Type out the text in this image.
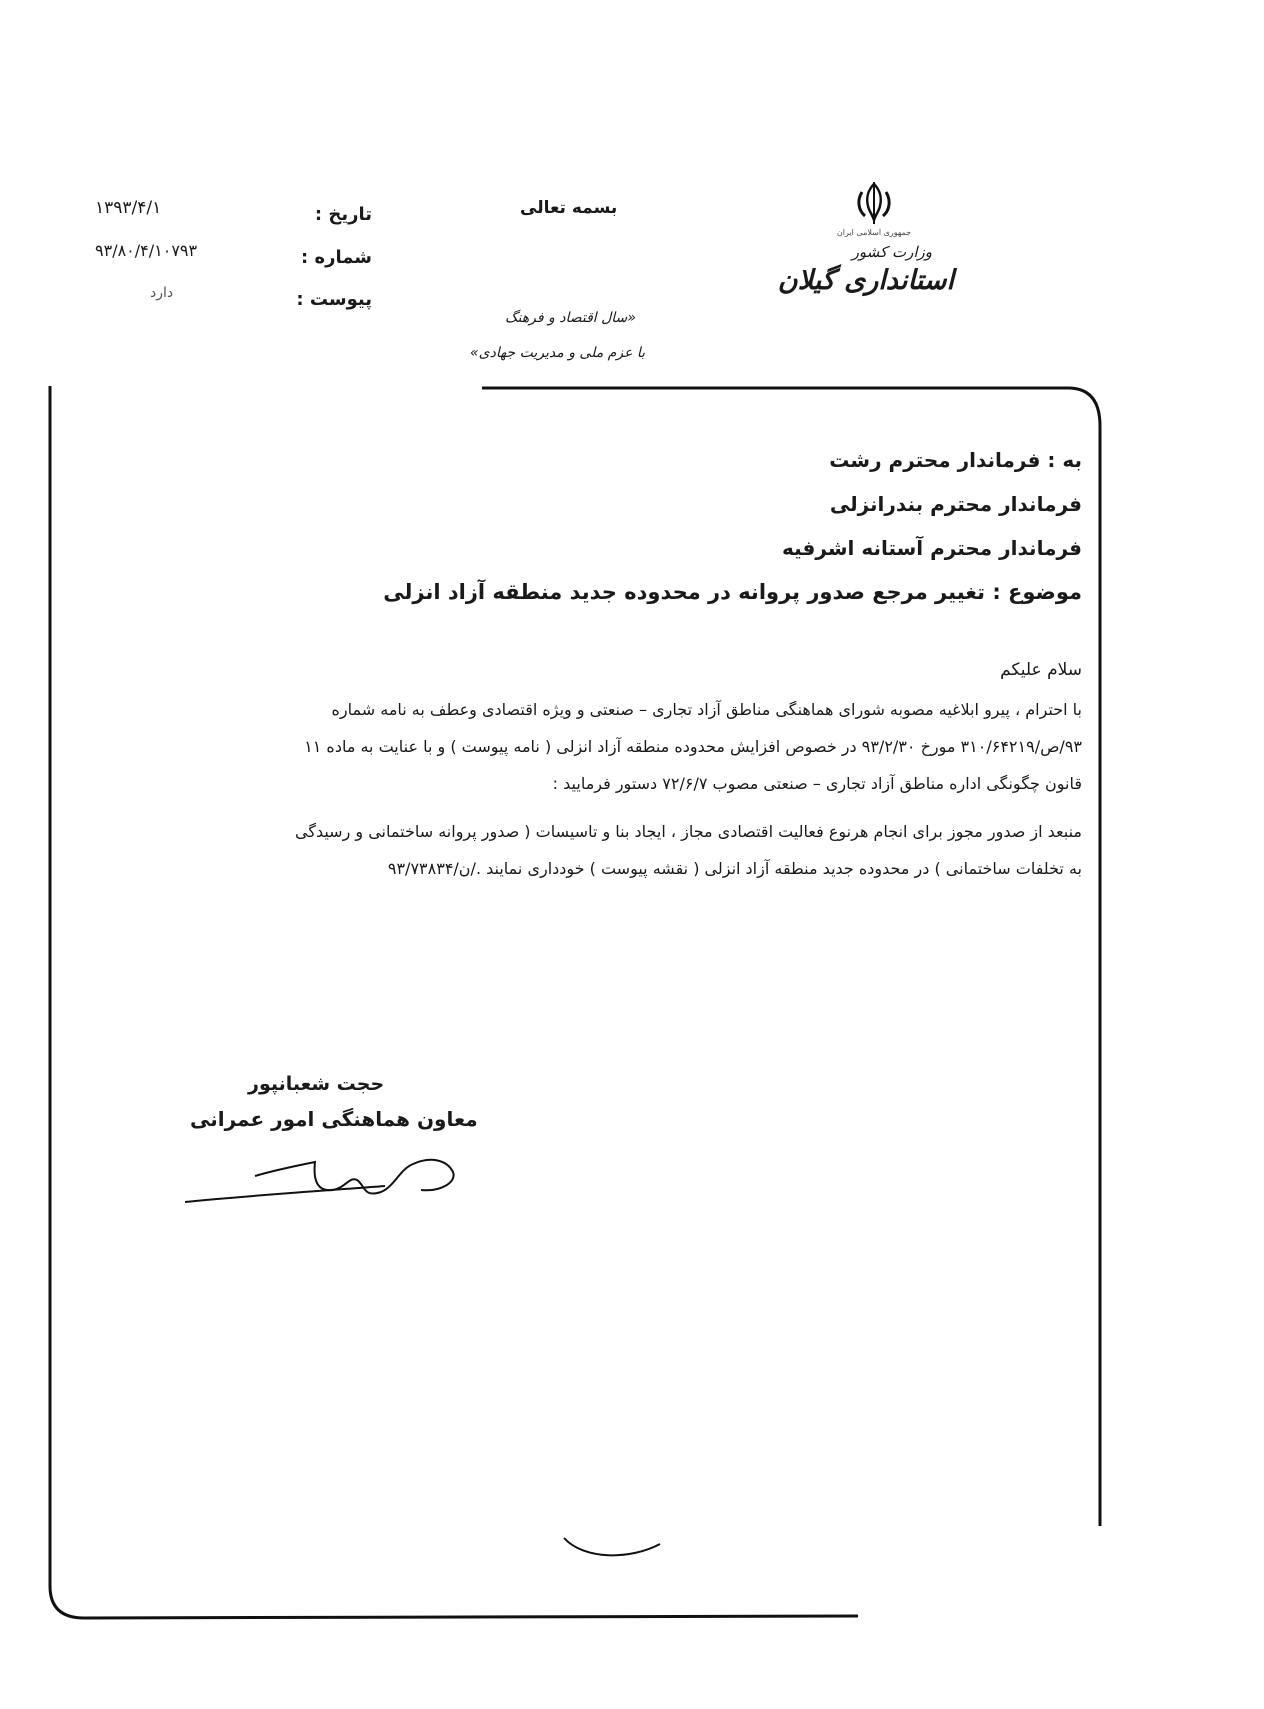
جمهوری اسلامی ایران
وزارت کشور
استانداری گیلان
بسمه تعالی
«سال اقتصاد و فرهنگ
با عزم ملی و مدیریت جهادی»
تاریخ :
۱۳۹۳/۴/۱
شماره :
۹۳/۸۰/۴/۱۰۷۹۳
پیوست :
دارد
به : فرماندار محترم رشت
فرماندار محترم بندرانزلی
فرماندار محترم آستانه اشرفیه
موضوع : تغییر مرجع صدور پروانه در محدوده جدید منطقه آزاد انزلی
سلام علیکم
با احترام ، پیرو ابلاغیه مصوبه شورای هماهنگی مناطق آزاد تجاری – صنعتی و ویژه اقتصادی وعطف به نامه شماره
۹۳/ص/۳۱۰/۶۴۲۱۹ مورخ ۹۳/۲/۳۰ در خصوص افزایش محدوده منطقه آزاد انزلی ( نامه پیوست ) و با عنایت به ماده ۱۱
قانون چگونگی اداره مناطق آزاد تجاری – صنعتی مصوب ۷۲/۶/۷ دستور فرمایید :
منبعد از صدور مجوز برای انجام هرنوع فعالیت اقتصادی مجاز ، ایجاد بنا و تاسیسات ( صدور پروانه ساختمانی و رسیدگی
به تخلفات ساختمانی ) در محدوده جدید منطقه آزاد انزلی ( نقشه پیوست ) خودداری نمایند ./ن/۹۳/۷۳۸۳۴
حجت شعبانپور
معاون هماهنگی امور عمرانی
